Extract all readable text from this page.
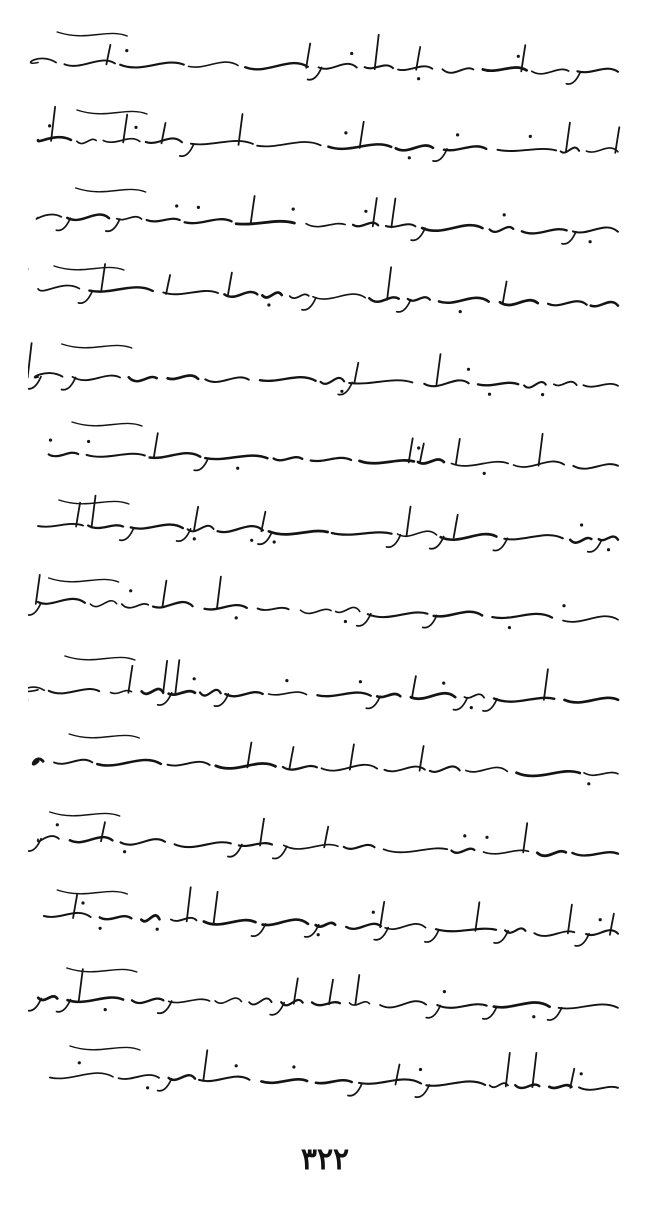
۳۲۲
